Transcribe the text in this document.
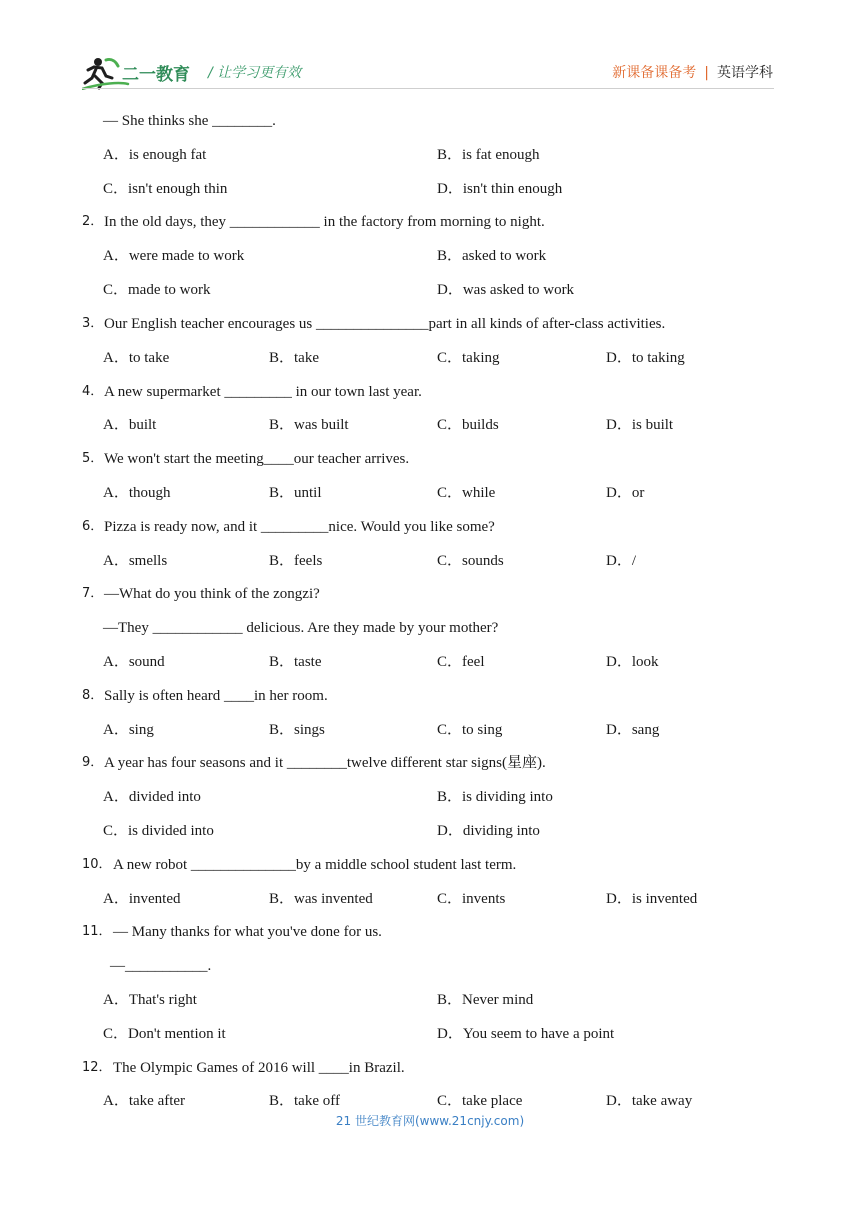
二一教育 / 让学习更有效	新课备课备考 | 英语学科
— She thinks she ________.
A．is enough fat	B．is fat enough
C．isn't enough thin	D．isn't thin enough
2． In the old days, they ____________ in the factory from morning to night.
A．were made to work	B．asked to work
C．made to work	D．was asked to work
3． Our English teacher encourages us _______________part in all kinds of after-class activities.
A．to take	B．take	C．taking	D．to taking
4． A new supermarket _________ in our town last year.
A．built	B．was built	C．builds	D．is built
5． We won't start the meeting____our teacher arrives.
A．though	B．until	C．while	D．or
6． Pizza is ready now, and it _________nice. Would you like some?
A．smells	B．feels	C．sounds	D．/
7． —What do you think of the zongzi?
—They ____________ delicious. Are they made by your mother?
A．sound	B．taste	C．feel	D．look
8． Sally is often heard ____in her room.
A．sing	B．sings	C．to sing	D．sang
9． A year has four seasons and it ________twelve different star signs(星座).
A．divided into	B．is dividing into
C．is divided into	D．dividing into
10． A new robot ______________by a middle school student last term.
A．invented	B．was invented	C．invents	D．is invented
11． — Many thanks for what you've done for us.
—___________.
A．That's right	B．Never mind
C．Don't mention it	D．You seem to have a point
12． The Olympic Games of 2016 will ____in Brazil.
A．take after	B．take off	C．take place	D．take away
21 世纪教育网(www.21cnjy.com)
